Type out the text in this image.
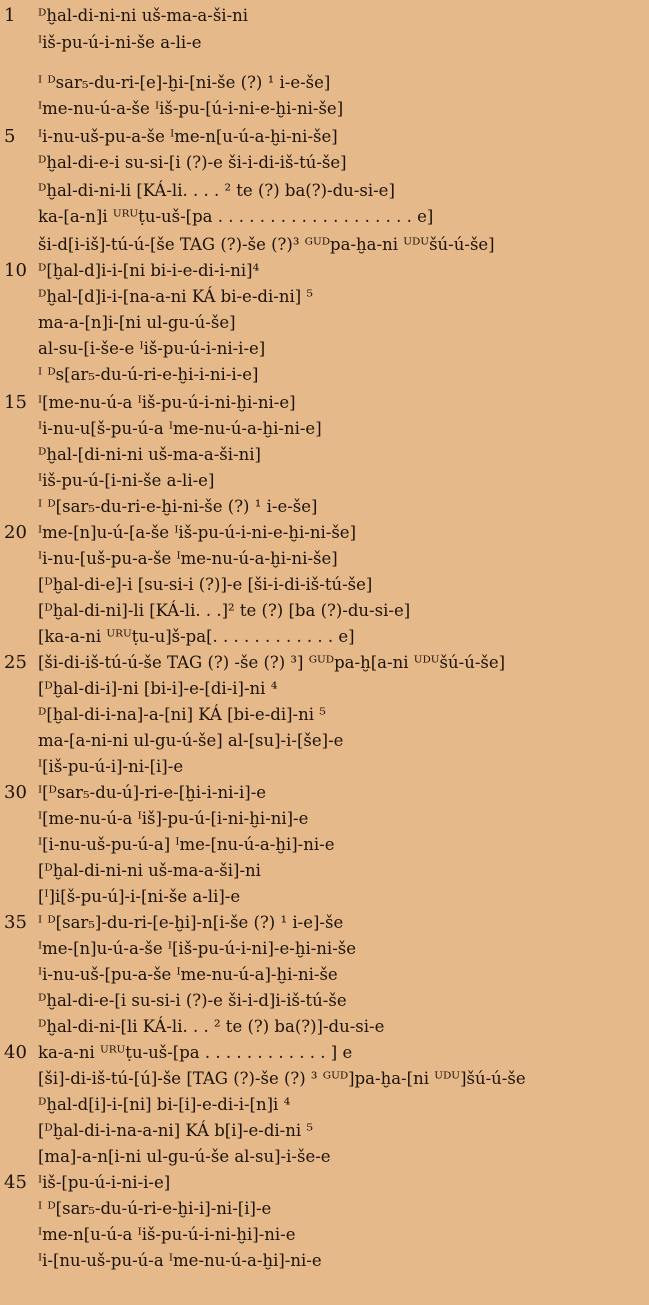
1	ᴰḫal-di-ni-ni uš-ma-a-ši-ni
ᴵiš-pu-ú-i-ni-še a-li-e
ᴵ ᴰsar₅-du-ri-[e]-ḫi-[ni-še (?) ¹ i-e-še]
ᴵme-nu-ú-a-še ᴵiš-pu-[ú-i-ni-e-ḫi-ni-še]
5	ᴵi-nu-uš-pu-a-še ᴵme-n[u-ú-a-ḫi-ni-še]
ᴰḫal-di-e-i su-si-[i (?)-e ši-i-di-iš-tú-še]
ᴰḫal-di-ni-li [KÁ-li. . . . ² te (?) ba(?)-du-si-e]
ka-[a-n]i ᵁᴿᵁṭu-uš-[pa . . . . . . . . . . . . . . . . . . . e]
ši-d[i-iš]-tú-ú-[še TAG (?)-še (?)³ ᴳᵁᴰpa-ḫa-ni ᵁᴰᵁšú-ú-še]
10 ᴰ[ḫal-d]i-i-[ni bi-i-e-di-i-ni]⁴
ᴰḫal-[d]i-i-[na-a-ni KÁ bi-e-di-ni] ⁵
ma-a-[n]i-[ni ul-gu-ú-še]
al-su-[i-še-e ᴵiš-pu-ú-i-ni-i-e]
ᴵ ᴰs[ar₅-du-ú-ri-e-ḫi-i-ni-i-e]
15 ᴵ[me-nu-ú-a ᴵiš-pu-ú-i-ni-ḫi-ni-e]
ᴵi-nu-u[š-pu-ú-a ᴵme-nu-ú-a-ḫi-ni-e]
ᴰḫal-[di-ni-ni uš-ma-a-ši-ni]
ᴵiš-pu-ú-[i-ni-še a-li-e]
ᴵ ᴰ[sar₅-du-ri-e-ḫi-ni-še (?) ¹ i-e-še]
20 ᴵme-[n]u-ú-[a-še ᴵiš-pu-ú-i-ni-e-ḫi-ni-še]
ᴵi-nu-[uš-pu-a-še ᴵme-nu-ú-a-ḫi-ni-še]
[ᴰḫal-di-e]-i [su-si-i (?)]-e [ši-i-di-iš-tú-še]
[ᴰḫal-di-ni]-li [KÁ-li. . .]² te (?) [ba (?)-du-si-e]
[ka-a-ni ᵁᴿᵁṭu-u]š-pa[. . . . . . . . . . . . e]
25 [ši-di-iš-tú-ú-še TAG (?) -še (?) ³] ᴳᵁᴰpa-ḫ[a-ni ᵁᴰᵁšú-ú-še]
[ᴰḫal-di-i]-ni [bi-i]-e-[di-i]-ni ⁴
ᴰ[ḫal-di-i-na]-a-[ni] KÁ [bi-e-di]-ni ⁵
ma-[a-ni-ni ul-gu-ú-še] al-[su]-i-[še]-e
ᴵ[iš-pu-ú-i]-ni-[i]-e
30 ᴵ[ᴰsar₅-du-ú]-ri-e-[ḫi-i-ni-i]-e
ᴵ[me-nu-ú-a ᴵiš]-pu-ú-[i-ni-ḫi-ni]-e
ᴵ[i-nu-uš-pu-ú-a] ᴵme-[nu-ú-a-ḫi]-ni-e
[ᴰḫal-di-ni-ni uš-ma-a-ši]-ni
[ᴵ]i[š-pu-ú]-i-[ni-še a-li]-e
35 ᴵ ᴰ[sar₅]-du-ri-[e-ḫi]-n[i-še (?) ¹ i-e]-še
ᴵme-[n]u-ú-a-še ᴵ[iš-pu-ú-i-ni]-e-ḫi-ni-še
ᴵi-nu-uš-[pu-a-še ᴵme-nu-ú-a]-ḫi-ni-še
ᴰḫal-di-e-[i su-si-i (?)-e ši-i-d]i-iš-tú-še
ᴰḫal-di-ni-[li KÁ-li. . . ² te (?) ba(?)]-du-si-e
40 ka-a-ni ᵁᴿᵁṭu-uš-[pa . . . . . . . . . . . . ] e
[ši]-di-iš-tú-[ú]-še [TAG (?)-še (?) ³ ᴳᵁᴰ]pa-ḫa-[ni ᵁᴰᵁ]šú-ú-še
ᴰḫal-d[i]-i-[ni] bi-[i]-e-di-i-[n]i ⁴
[ᴰḫal-di-i-na-a-ni] KÁ b[i]-e-di-ni ⁵
[ma]-a-n[i-ni ul-gu-ú-še al-su]-i-še-e
45 ᴵiš-[pu-ú-i-ni-i-e]
ᴵ ᴰ[sar₅-du-ú-ri-e-ḫi-i]-ni-[i]-e
ᴵme-n[u-ú-a ᴵiš-pu-ú-i-ni-ḫi]-ni-e
ᴵi-[nu-uš-pu-ú-a ᴵme-nu-ú-a-ḫi]-ni-e
